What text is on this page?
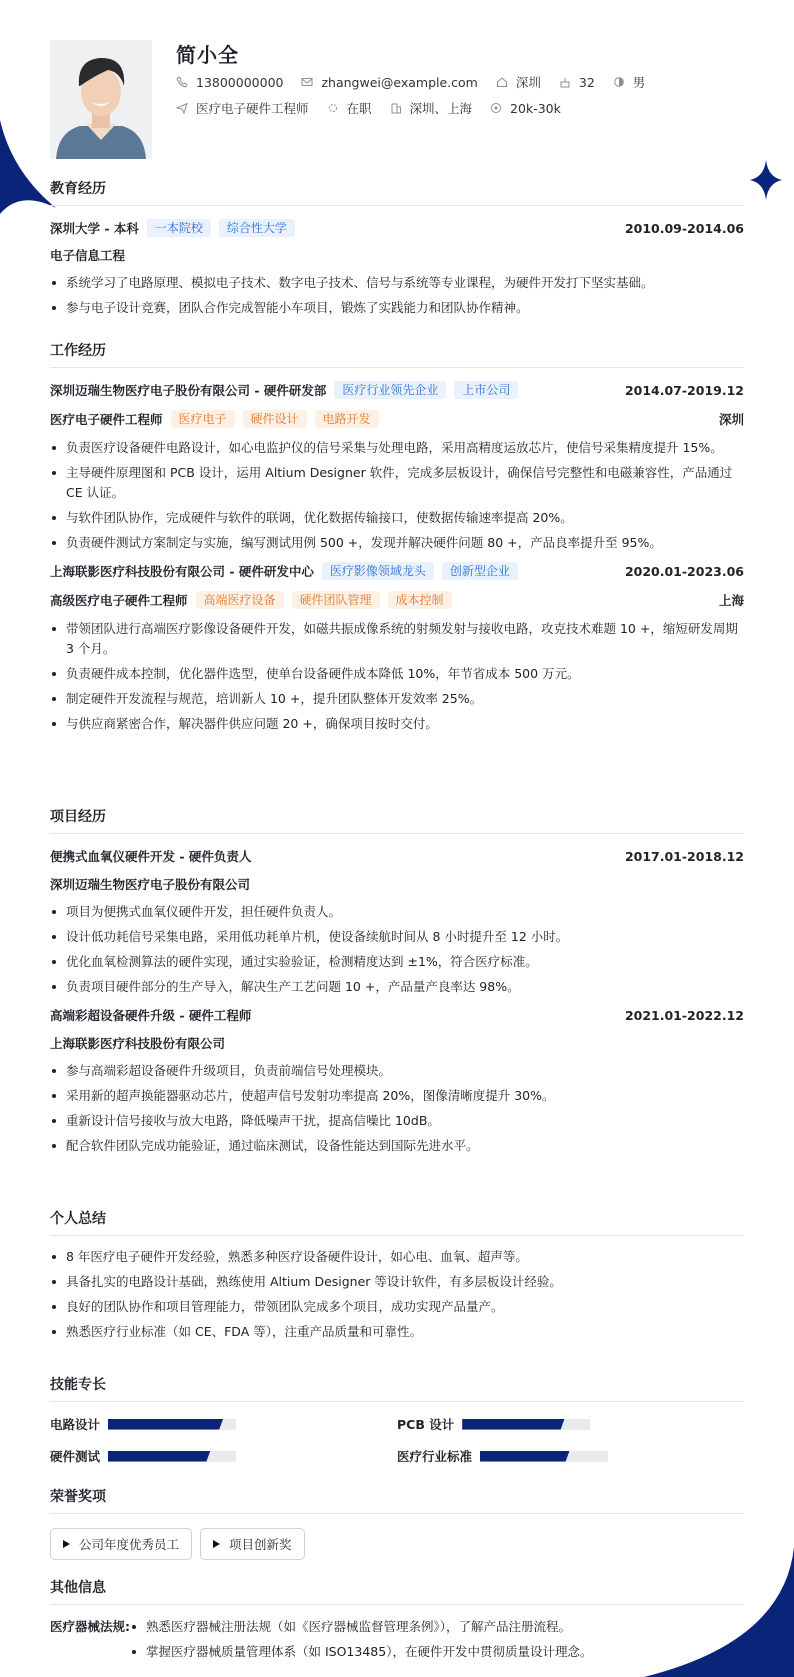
简小全
13800000000	zhangwei@example.com	深圳	32	男
医疗电子硬件工程师	在职	深圳、上海	20k-30k
教育经历
深圳大学 - 本科	一本院校	综合性大学	2010.09-2014.06
电子信息工程
系统学习了电路原理、模拟电子技术、数字电子技术、信号与系统等专业课程，为硬件开发打下坚实基础。
参与电子设计竞赛，团队合作完成智能小车项目，锻炼了实践能力和团队协作精神。
工作经历
深圳迈瑞生物医疗电子股份有限公司 - 硬件研发部	医疗行业领先企业	上市公司	2014.07-2019.12
医疗电子硬件工程师	医疗电子	硬件设计	电路开发	深圳
负责医疗设备硬件电路设计，如心电监护仪的信号采集与处理电路，采用高精度运放芯片，使信号采集精度提升 15%。
主导硬件原理图和 PCB 设计，运用 Altium Designer 软件，完成多层板设计，确保信号完整性和电磁兼容性，产品通过 CE 认证。
与软件团队协作，完成硬件与软件的联调，优化数据传输接口，使数据传输速率提高 20%。
负责硬件测试方案制定与实施，编写测试用例 500 +，发现并解决硬件问题 80 +，产品良率提升至 95%。
上海联影医疗科技股份有限公司 - 硬件研发中心	医疗影像领域龙头	创新型企业	2020.01-2023.06
高级医疗电子硬件工程师	高端医疗设备	硬件团队管理	成本控制	上海
带领团队进行高端医疗影像设备硬件开发，如磁共振成像系统的射频发射与接收电路，攻克技术难题 10 +，缩短研发周期 3 个月。
负责硬件成本控制，优化器件选型，使单台设备硬件成本降低 10%，年节省成本 500 万元。
制定硬件开发流程与规范，培训新人 10 +，提升团队整体开发效率 25%。
与供应商紧密合作，解决器件供应问题 20 +，确保项目按时交付。
项目经历
便携式血氧仪硬件开发 - 硬件负责人	2017.01-2018.12
深圳迈瑞生物医疗电子股份有限公司
项目为便携式血氧仪硬件开发，担任硬件负责人。
设计低功耗信号采集电路，采用低功耗单片机，使设备续航时间从 8 小时提升至 12 小时。
优化血氧检测算法的硬件实现，通过实验验证，检测精度达到 ±1%，符合医疗标准。
负责项目硬件部分的生产导入，解决生产工艺问题 10 +，产品量产良率达 98%。
高端彩超设备硬件升级 - 硬件工程师	2021.01-2022.12
上海联影医疗科技股份有限公司
参与高端彩超设备硬件升级项目，负责前端信号处理模块。
采用新的超声换能器驱动芯片，使超声信号发射功率提高 20%，图像清晰度提升 30%。
重新设计信号接收与放大电路，降低噪声干扰，提高信噪比 10dB。
配合软件团队完成功能验证，通过临床测试，设备性能达到国际先进水平。
个人总结
8 年医疗电子硬件开发经验，熟悉多种医疗设备硬件设计，如心电、血氧、超声等。
具备扎实的电路设计基础，熟练使用 Altium Designer 等设计软件，有多层板设计经验。
良好的团队协作和项目管理能力，带领团队完成多个项目，成功实现产品量产。
熟悉医疗行业标准（如 CE、FDA 等），注重产品质量和可靠性。
技能专长
电路设计	PCB 设计
硬件测试	医疗行业标准
荣誉奖项
公司年度优秀员工	项目创新奖
其他信息
医疗器械法规:	熟悉医疗器械注册法规（如《医疗器械监督管理条例》），了解产品注册流程。
掌握医疗器械质量管理体系（如 ISO13485），在硬件开发中贯彻质量设计理念。
